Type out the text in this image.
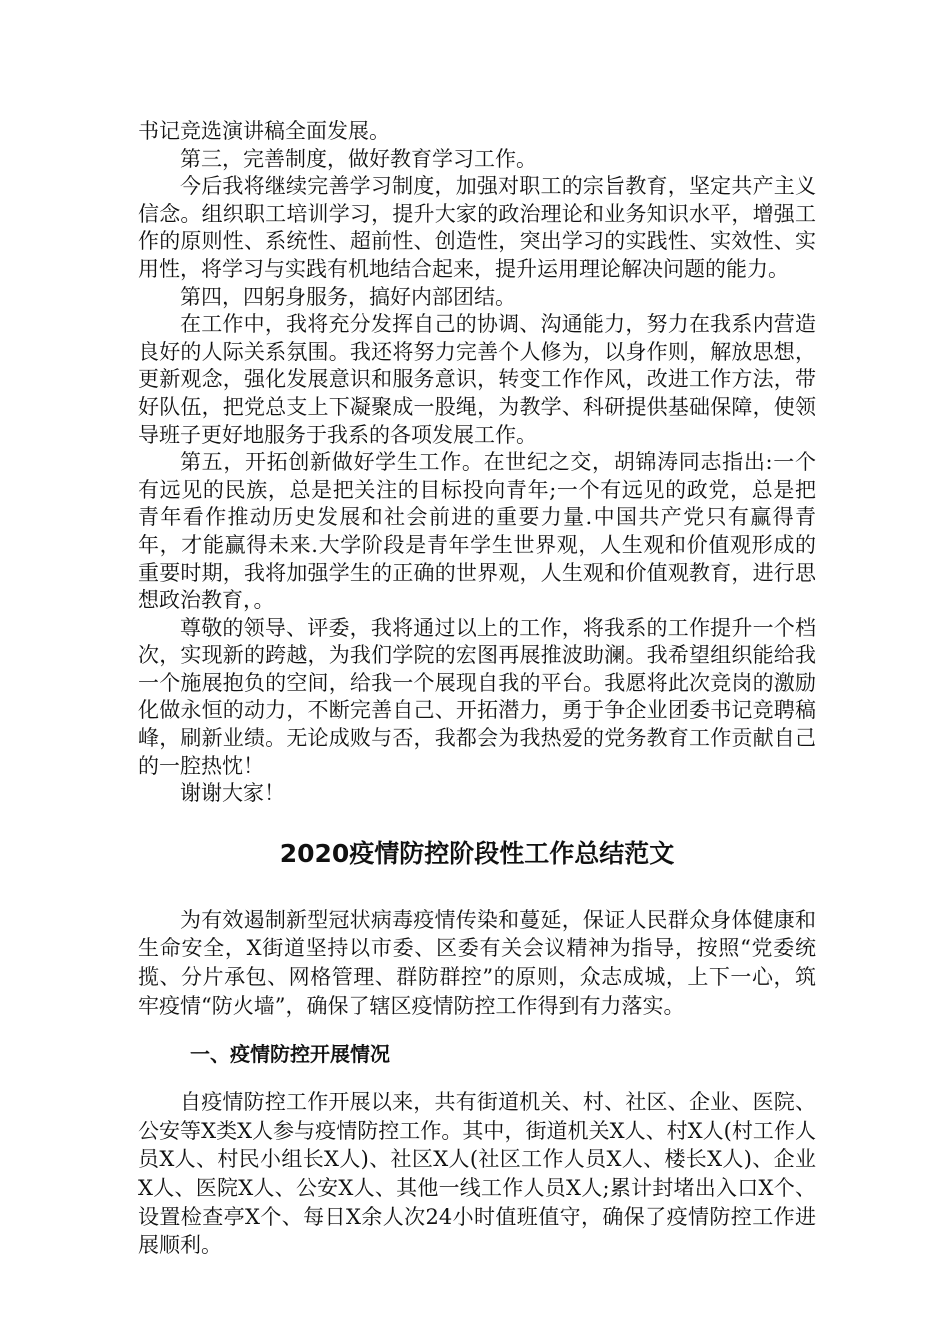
书记竞选演讲稿全面发展。

第三，完善制度，做好教育学习工作。

今后我将继续完善学习制度，加强对职工的宗旨教育，坚定共产主义信念。组织职工培训学习，提升大家的政治理论和业务知识水平，增强工作的原则性、系统性、超前性、创造性，突出学习的实践性、实效性、实用性，将学习与实践有机地结合起来，提升运用理论解决问题的能力。

第四，四躬身服务，搞好内部团结。

在工作中，我将充分发挥自己的协调、沟通能力，努力在我系内营造良好的人际关系氛围。我还将努力完善个人修为，以身作则，解放思想，更新观念，强化发展意识和服务意识，转变工作作风，改进工作方法，带好队伍，把党总支上下凝聚成一股绳，为教学、科研提供基础保障，使领导班子更好地服务于我系的各项发展工作。

第五，开拓创新做好学生工作。在世纪之交，胡锦涛同志指出:一个有远见的民族，总是把关注的目标投向青年;一个有远见的政党，总是把青年看作推动历史发展和社会前进的重要力量.中国共产党只有赢得青年，才能赢得未来.大学阶段是青年学生世界观，人生观和价值观形成的重要时期，我将加强学生的正确的世界观，人生观和价值观教育，进行思想政治教育，。

尊敬的领导、评委，我将通过以上的工作，将我系的工作提升一个档次，实现新的跨越，为我们学院的宏图再展推波助澜。我希望组织能给我一个施展抱负的空间，给我一个展现自我的平台。我愿将此次竞岗的激励化做永恒的动力，不断完善自己、开拓潜力，勇于争企业团委书记竞聘稿峰，刷新业绩。无论成败与否，我都会为我热爱的党务教育工作贡献自己的一腔热忱！

谢谢大家！

2020疫情防控阶段性工作总结范文

为有效遏制新型冠状病毒疫情传染和蔓延，保证人民群众身体健康和生命安全，X街道坚持以市委、区委有关会议精神为指导，按照“党委统揽、分片承包、网格管理、群防群控”的原则，众志成城，上下一心，筑牢疫情“防火墙”，确保了辖区疫情防控工作得到有力落实。

一、疫情防控开展情况

自疫情防控工作开展以来，共有街道机关、村、社区、企业、医院、公安等X类X人参与疫情防控工作。其中，街道机关X人、村X人(村工作人员X人、村民小组长X人)、社区X人(社区工作人员X人、楼长X人)、企业X人、医院X人、公安X人、其他一线工作人员X人;累计封堵出入口X个、设置检查亭X个、每日X余人次24小时值班值守，确保了疫情防控工作进展顺利。
